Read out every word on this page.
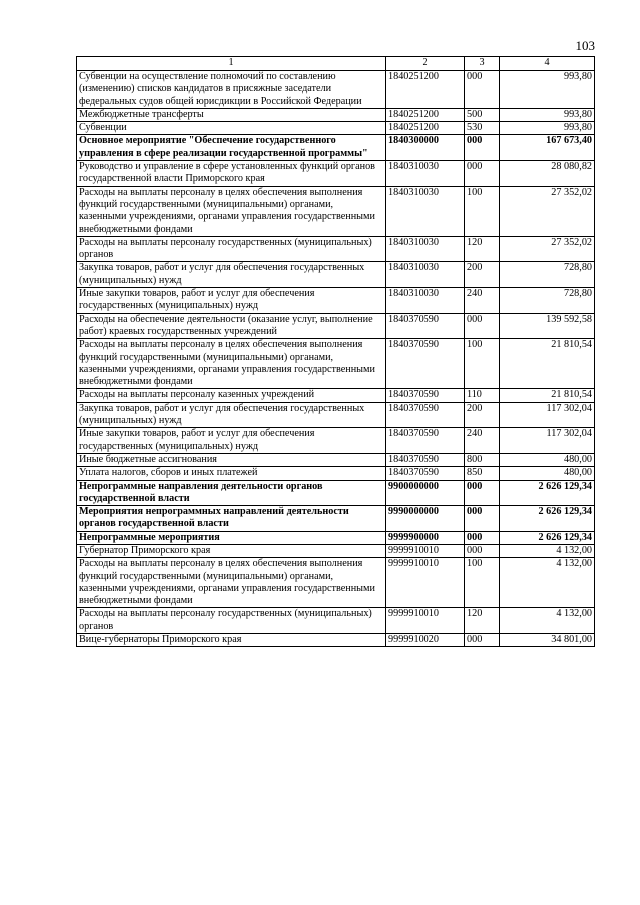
103
1	2	3	4
Субвенции на осуществление полномочий по составлению (изменению) списков кандидатов в присяжные заседатели федеральных судов общей юрисдикции в Российской Федерации	1840251200	000	993,80
Межбюджетные трансферты	1840251200	500	993,80
Субвенции	1840251200	530	993,80
Основное мероприятие "Обеспечение государственного управления в сфере реализации государственной программы"	1840300000	000	167 673,40
Руководство и управление в сфере установленных функций органов государственной власти Приморского края	1840310030	000	28 080,82
Расходы на выплаты персоналу в целях обеспечения выполнения функций государственными (муниципальными) органами, казенными учреждениями, органами управления государственными внебюджетными фондами	1840310030	100	27 352,02
Расходы на выплаты персоналу государственных (муниципальных) органов	1840310030	120	27 352,02
Закупка товаров, работ и услуг для обеспечения государственных (муниципальных) нужд	1840310030	200	728,80
Иные закупки товаров, работ и услуг для обеспечения государственных (муниципальных) нужд	1840310030	240	728,80
Расходы на обеспечение деятельности (оказание услуг, выполнение работ) краевых государственных учреждений	1840370590	000	139 592,58
Расходы на выплаты персоналу в целях обеспечения выполнения функций государственными (муниципальными) органами, казенными учреждениями, органами управления государственными внебюджетными фондами	1840370590	100	21 810,54
Расходы на выплаты персоналу казенных учреждений	1840370590	110	21 810,54
Закупка товаров, работ и услуг для обеспечения государственных (муниципальных) нужд	1840370590	200	117 302,04
Иные закупки товаров, работ и услуг для обеспечения государственных (муниципальных) нужд	1840370590	240	117 302,04
Иные бюджетные ассигнования	1840370590	800	480,00
Уплата налогов, сборов и иных платежей	1840370590	850	480,00
Непрограммные направления деятельности органов государственной власти	9900000000	000	2 626 129,34
Мероприятия непрограммных направлений деятельности органов государственной власти	9990000000	000	2 626 129,34
Непрограммные мероприятия	9999900000	000	2 626 129,34
Губернатор Приморского края	9999910010	000	4 132,00
Расходы на выплаты персоналу в целях обеспечения выполнения функций государственными (муниципальными) органами, казенными учреждениями, органами управления государственными внебюджетными фондами	9999910010	100	4 132,00
Расходы на выплаты персоналу государственных (муниципальных) органов	9999910010	120	4 132,00
Вице-губернаторы Приморского края	9999910020	000	34 801,00
